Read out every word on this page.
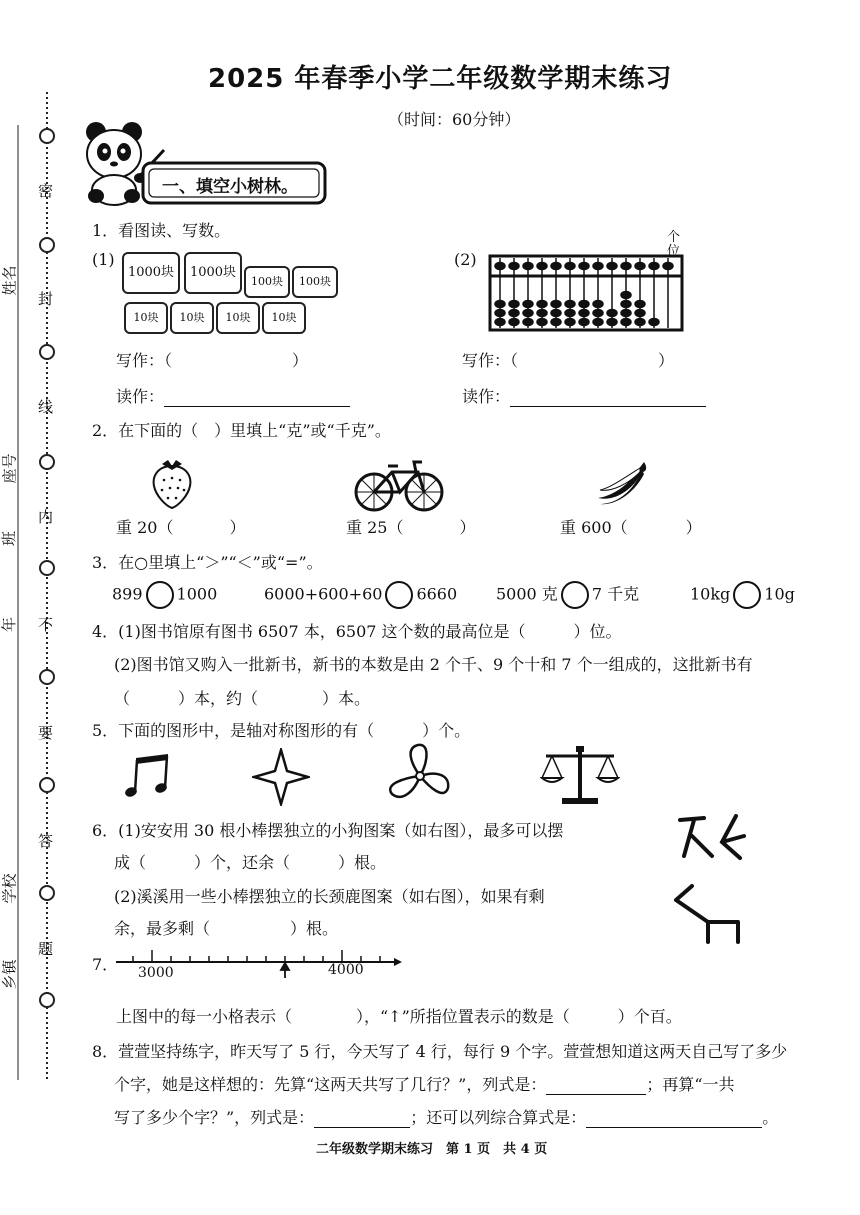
密
封
线
内
不
要
答
题
姓名
座号
班
年
学校
乡镇
2025 年春季小学二年级数学期末练习
（时间：60分钟）
一、填空小树林。
1．看图读、写数。
(1)
1000块	1000块
100块	100块
10块	10块	10块	10块
(2)
个
位
写作：（	）
读作：
写作：（	）
读作：
2．在下面的（　）里填上“克”或“千克”。
重 20（	）	重 25（	）	重 600（	）
3．在○里填上“＞”“＜”或“=”。
899 1000	6000+600+60 6660 5000 克 7 千克	10kg 10g
4．(1)图书馆原有图书 6507 本，6507 这个数的最高位是（　　　）位。
(2)图书馆又购入一批新书，新书的本数是由 2 个千、9 个十和 7 个一组成的，这批新书有
（　　　）本，约（　　　　）本。
5．下面的图形中，是轴对称图形的有（　　　）个。
6．(1)安安用 30 根小棒摆独立的小狗图案（如右图），最多可以摆
成（　　　）个，还余（　　　）根。
(2)溪溪用一些小棒摆独立的长颈鹿图案（如右图），如果有剩
余，最多剩（　　　　　）根。
7． 3000	4000
上图中的每一小格表示（　　　　），“↑”所指位置表示的数是（　　　）个百。
8．萱萱坚持练字，昨天写了 5 行，今天写了 4 行，每行 9 个字。萱萱想知道这两天自己写了多少
个字，她是这样想的：先算“这两天共写了几行？”，列式是：	；再算“一共
写了多少个字？”，列式是：	；还可以列综合算式是：	。
二年级数学期末练习　第 1 页　共 4 页
